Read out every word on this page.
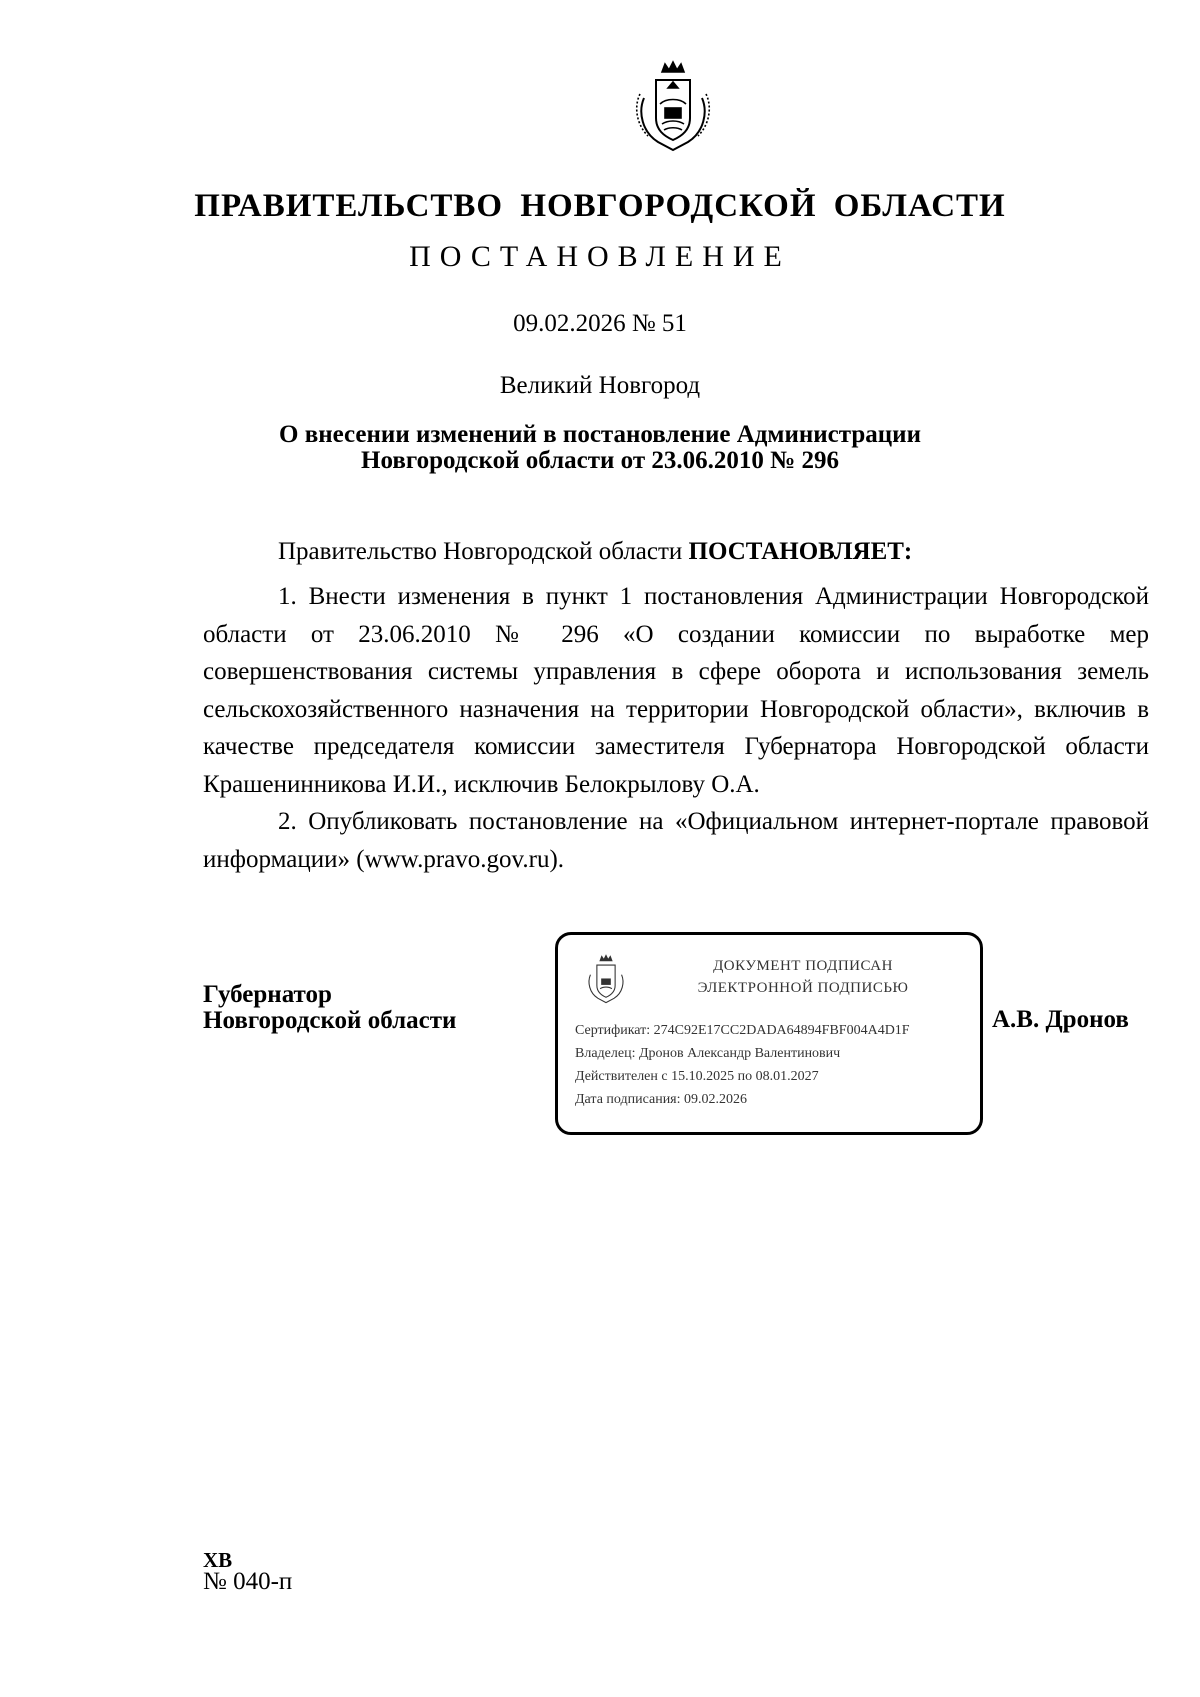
ПРАВИТЕЛЬСТВО НОВГОРОДСКОЙ ОБЛАСТИ
ПОСТАНОВЛЕНИЕ
09.02.2026 № 51
Великий Новгород
О внесении изменений в постановление Администрации
Новгородской области от 23.06.2010 № 296
Правительство Новгородской области ПОСТАНОВЛЯЕТ:

1. Внести изменения в пункт 1 постановления Администрации Новгородской области от 23.06.2010 № 296 «О создании комиссии по выработке мер совершенствования системы управления в сфере оборота и использования земель сельскохозяйственного назначения на территории Новгородской области», включив в качестве председателя комиссии заместителя Губернатора Новгородской области Крашенинникова И.И., исключив Белокрылову О.А.

2. Опубликовать постановление на «Официальном интернет-портале правовой информации» (www.pravo.gov.ru).

Губернатор
Новгородской области
ДОКУМЕНТ ПОДПИСАН
ЭЛЕКТРОННОЙ ПОДПИСЬЮ
Сертификат: 274C92E17CC2DADA64894FBF004A4D1F
Владелец: Дронов Александр Валентинович
Действителен с 15.10.2025 по 08.01.2027
Дата подписания: 09.02.2026
А.В. Дронов
ХВ
№ 040-п
